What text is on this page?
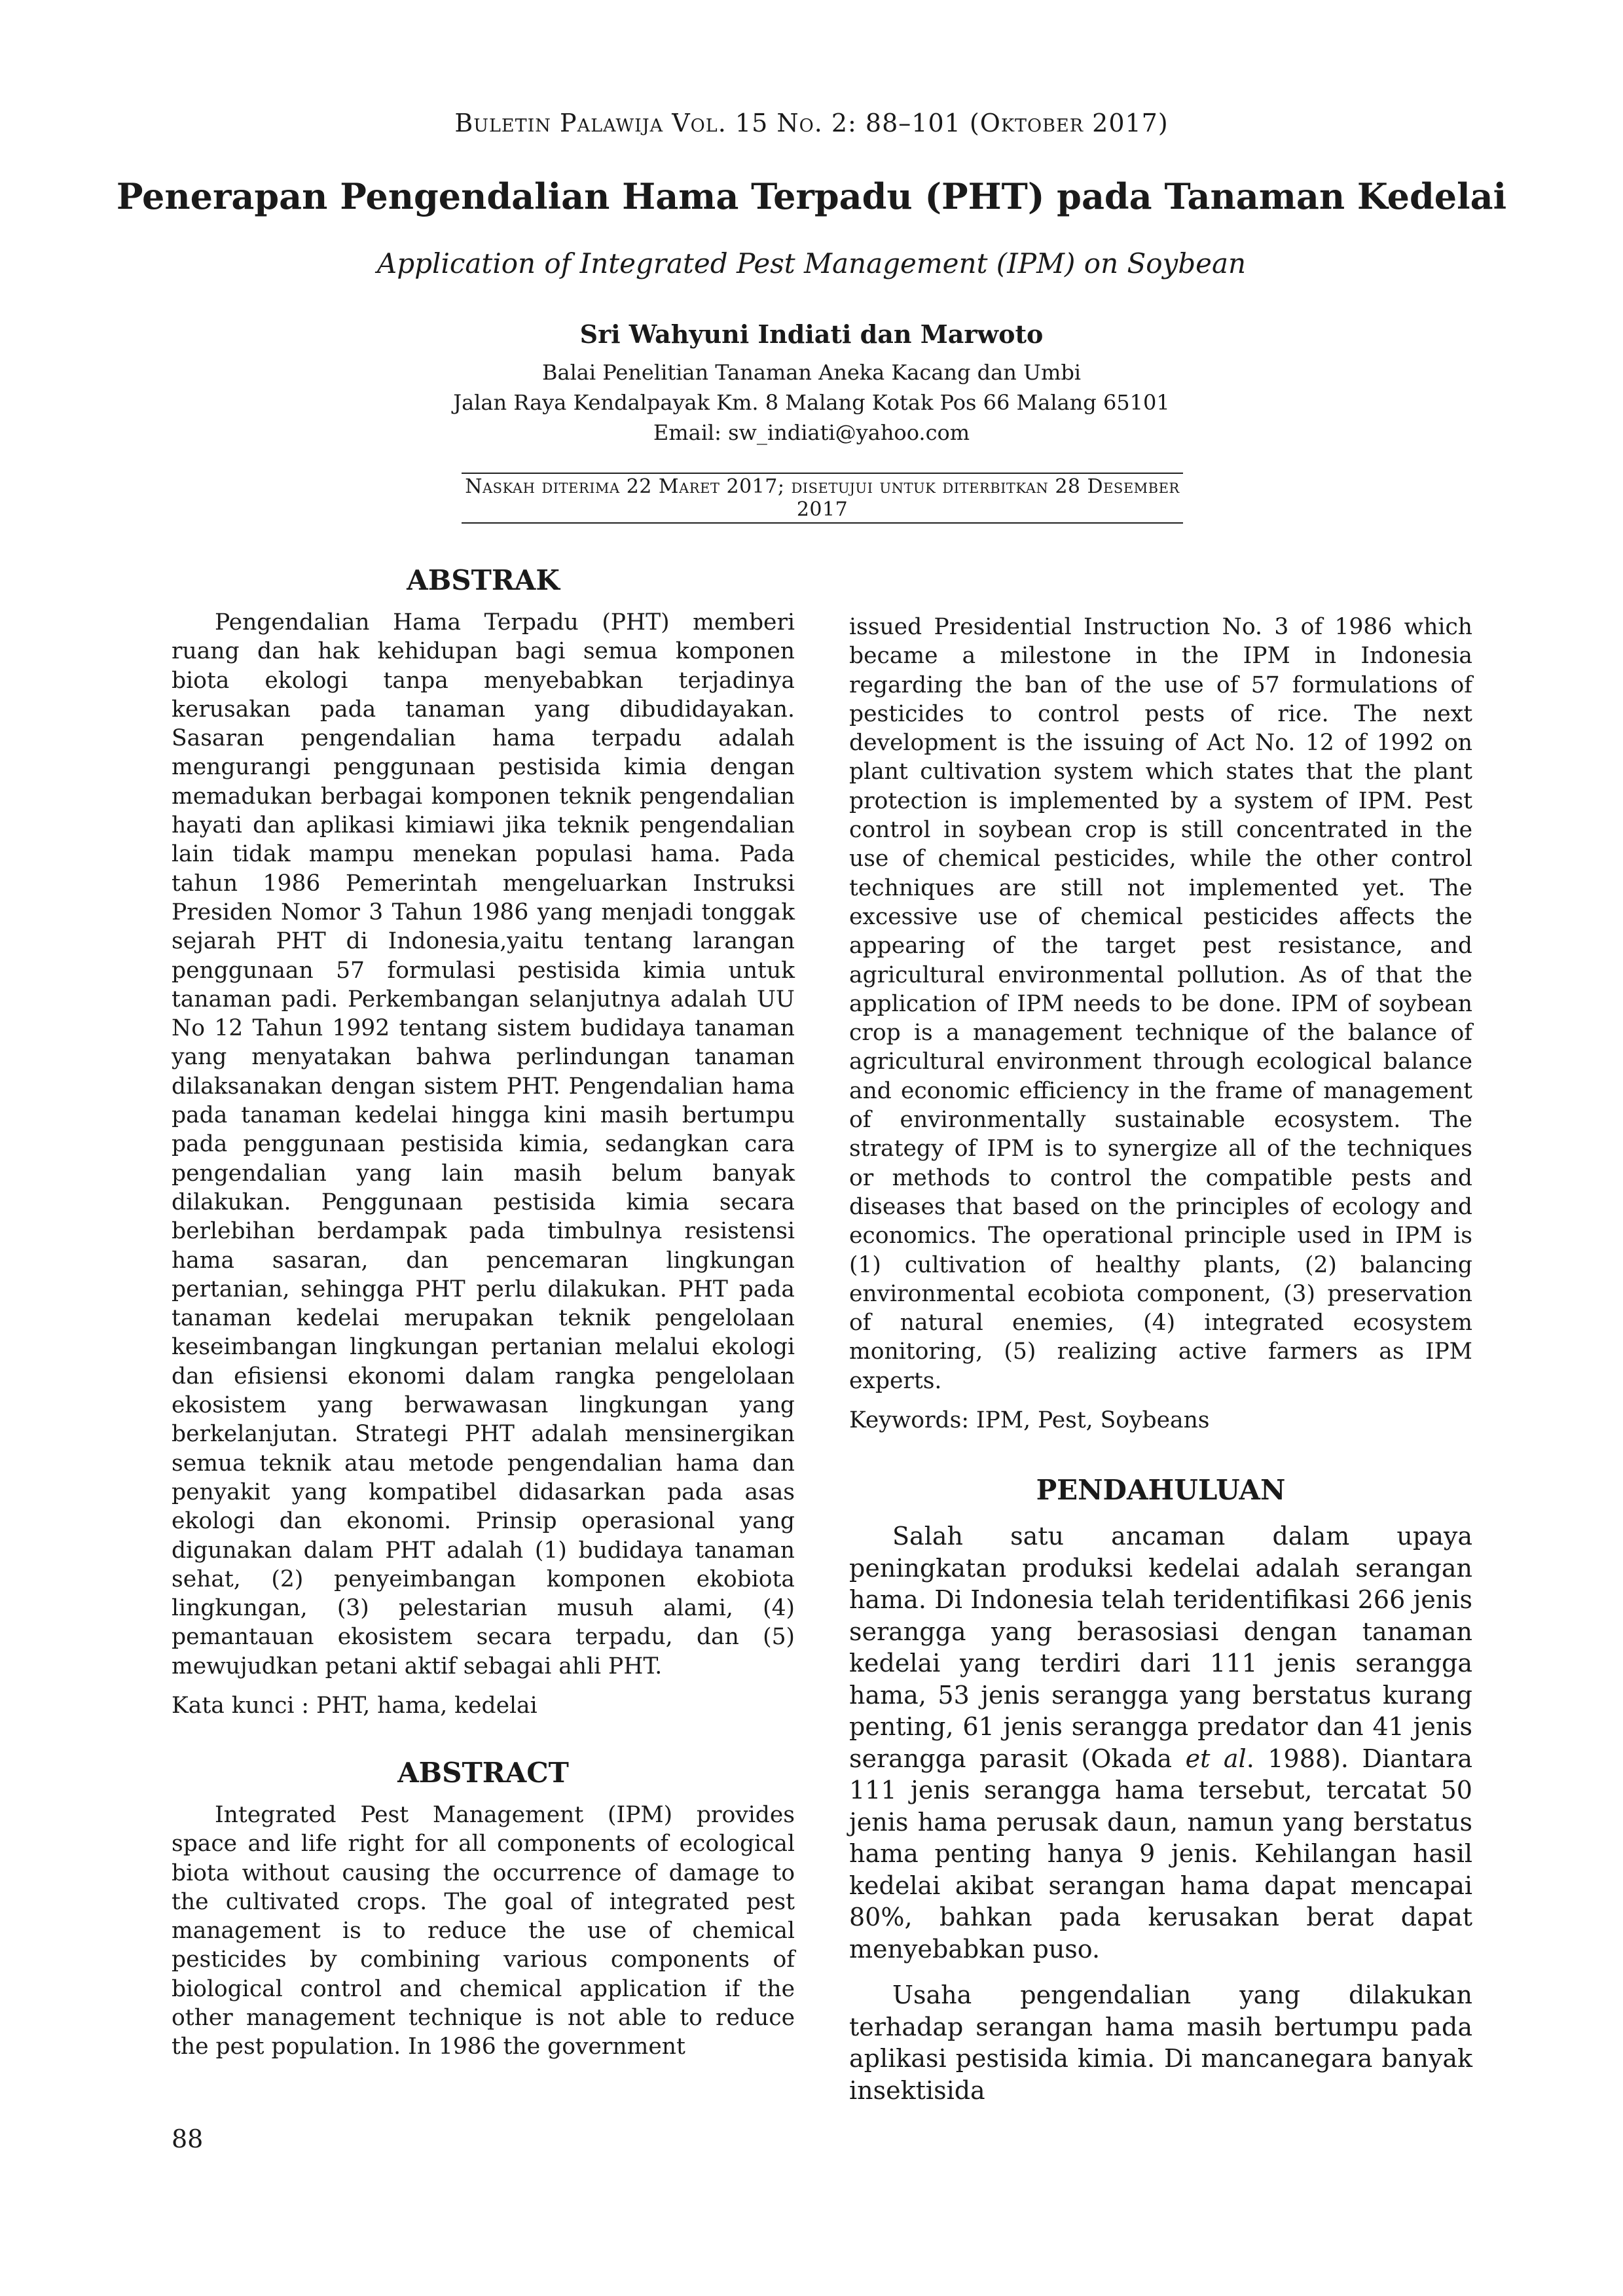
Buletin Palawija Vol. 15 No. 2: 88–101 (Oktober 2017)
Penerapan Pengendalian Hama Terpadu (PHT) pada Tanaman Kedelai
Application of Integrated Pest Management (IPM) on Soybean
Sri Wahyuni Indiati dan Marwoto
Balai Penelitian Tanaman Aneka Kacang dan Umbi
Jalan Raya Kendalpayak Km. 8 Malang Kotak Pos 66 Malang 65101
Email: sw_indiati@yahoo.com
Naskah diterima 22 Maret 2017; disetujui untuk diterbitkan 28 Desember 2017
ABSTRAK

Pengendalian Hama Terpadu (PHT) memberi ruang dan hak kehidupan bagi semua komponen biota ekologi tanpa menyebabkan terjadinya kerusakan pada tanaman yang dibudidayakan. Sasaran pengendalian hama terpadu adalah mengurangi penggunaan pestisida kimia dengan memadukan berbagai komponen teknik pengendalian hayati dan aplikasi kimiawi jika teknik pengendalian lain tidak mampu menekan populasi hama. Pada tahun 1986 Pemerintah mengeluarkan Instruksi Presiden Nomor 3 Tahun 1986 yang menjadi tonggak sejarah PHT di Indonesia,yaitu tentang larangan penggunaan 57 formulasi pestisida kimia untuk tanaman padi. Perkembangan selanjutnya adalah UU No 12 Tahun 1992 tentang sistem budidaya tanaman yang menyatakan bahwa perlindungan tanaman dilaksanakan dengan sistem PHT. Pengendalian hama pada tanaman kedelai hingga kini masih bertumpu pada penggunaan pestisida kimia, sedangkan cara pengendalian yang lain masih belum banyak dilakukan. Penggunaan pestisida kimia secara berlebihan berdampak pada timbulnya resistensi hama sasaran, dan pencemaran lingkungan pertanian, sehingga PHT perlu dilakukan. PHT pada tanaman kedelai merupakan teknik pengelolaan keseimbangan lingkungan pertanian melalui ekologi dan efisiensi ekonomi dalam rangka pengelolaan ekosistem yang berwawasan lingkungan yang berkelanjutan. Strategi PHT adalah mensinergikan semua teknik atau metode pengendalian hama dan penyakit yang kompatibel didasarkan pada asas ekologi dan ekonomi. Prinsip operasional yang digunakan dalam PHT adalah (1) budidaya tanaman sehat, (2) penyeimbangan komponen ekobiota lingkungan, (3) pelestarian musuh alami, (4) pemantauan ekosistem secara terpadu, dan (5) mewujudkan petani aktif sebagai ahli PHT.

Kata kunci : PHT, hama, kedelai

ABSTRACT

Integrated Pest Management (IPM) provides space and life right for all components of ecological biota without causing the occurrence of damage to the cultivated crops. The goal of integrated pest management is to reduce the use of chemical pesticides by combining various components of biological control and chemical application if the other management technique is not able to reduce the pest population. In 1986 the government

issued Presidential Instruction No. 3 of 1986 which became a milestone in the IPM in Indonesia regarding the ban of the use of 57 formulations of pesticides to control pests of rice. The next development is the issuing of Act No. 12 of 1992 on plant cultivation system which states that the plant protection is implemented by a system of IPM. Pest control in soybean crop is still concentrated in the use of chemical pesticides, while the other control techniques are still not implemented yet. The excessive use of chemical pesticides affects the appearing of the target pest resistance, and agricultural environmental pollution. As of that the application of IPM needs to be done. IPM of soybean crop is a management technique of the balance of agricultural environment through ecological balance and economic efficiency in the frame of management of environmentally sustainable ecosystem. The strategy of IPM is to synergize all of the techniques or methods to control the compatible pests and diseases that based on the principles of ecology and economics. The operational principle used in IPM is (1) cultivation of healthy plants, (2) balancing environmental ecobiota component, (3) preservation of natural enemies, (4) integrated ecosystem monitoring, (5) realizing active farmers as IPM experts.

Keywords: IPM, Pest, Soybeans

PENDAHULUAN

Salah satu ancaman dalam upaya peningkatan produksi kedelai adalah serangan hama. Di Indonesia telah teridentifikasi 266 jenis serangga yang berasosiasi dengan tanaman kedelai yang terdiri dari 111 jenis serangga hama, 53 jenis serangga yang berstatus kurang penting, 61 jenis serangga predator dan 41 jenis serangga parasit (Okada et al. 1988). Diantara 111 jenis serangga hama tersebut, tercatat 50 jenis hama perusak daun, namun yang berstatus hama penting hanya 9 jenis. Kehilangan hasil kedelai akibat serangan hama dapat mencapai 80%, bahkan pada kerusakan berat dapat menyebabkan puso.

Usaha pengendalian yang dilakukan terhadap serangan hama masih bertumpu pada aplikasi pestisida kimia. Di mancanegara banyak insektisida

88
